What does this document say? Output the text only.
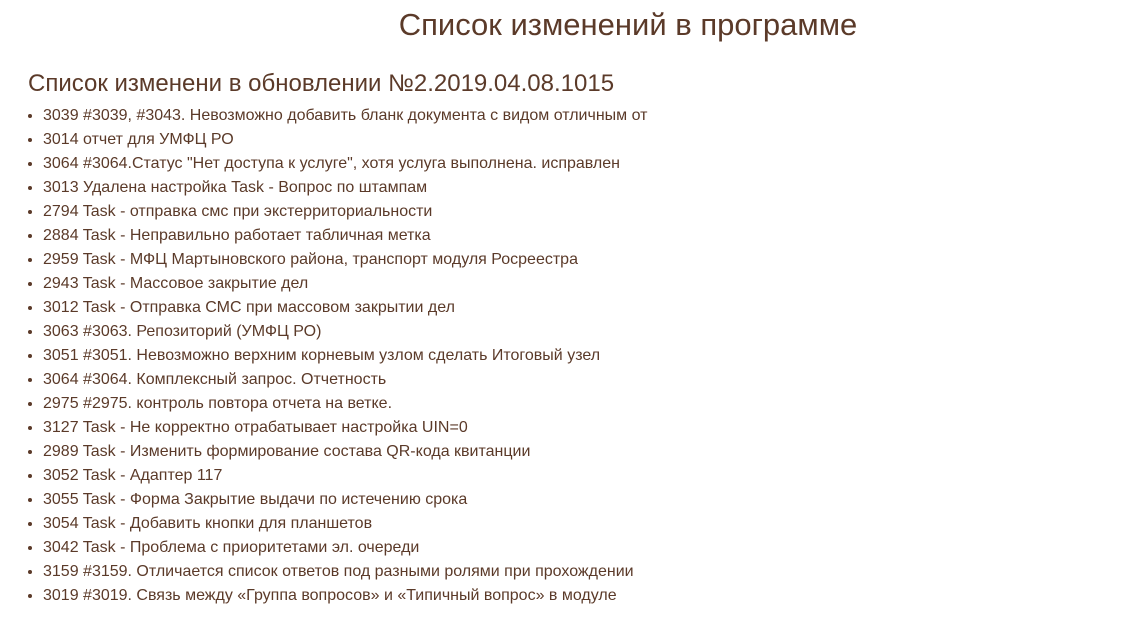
Список изменений в программе
Список изменени в обновлении №2.2019.04.08.1015
• 3039 #3039, #3043. Невозможно добавить бланк документа с видом отличным от
• 3014 отчет для УМФЦ РО
• 3064 #3064.Статус "Нет доступа к услуге", хотя услуга выполнена. исправлен
• 3013 Удалена настройка Task - Вопрос по штампам
• 2794 Task - отправка смс при экстерриториальности
• 2884 Task - Неправильно работает табличная метка
• 2959 Task - МФЦ Мартыновского района, транспорт модуля Росреестра
• 2943 Task - Массовое закрытие дел
• 3012 Task - Отправка СМС при массовом закрытии дел
• 3063 #3063. Репозиторий (УМФЦ РО)
• 3051 #3051. Невозможно верхним корневым узлом сделать Итоговый узел
• 3064 #3064. Комплексный запрос. Отчетность
• 2975 #2975. контроль повтора отчета на ветке.
• 3127 Task - Не корректно отрабатывает настройка UIN=0
• 2989 Task - Изменить формирование состава QR-кода квитанции
• 3052 Task - Адаптер 117
• 3055 Task - Форма Закрытие выдачи по истечению срока
• 3054 Task - Добавить кнопки для планшетов
• 3042 Task - Проблема с приоритетами эл. очереди
• 3159 #3159. Отличается список ответов под разными ролями при прохождении
• 3019 #3019. Связь между «Группа вопросов» и «Типичный вопрос» в модуле
